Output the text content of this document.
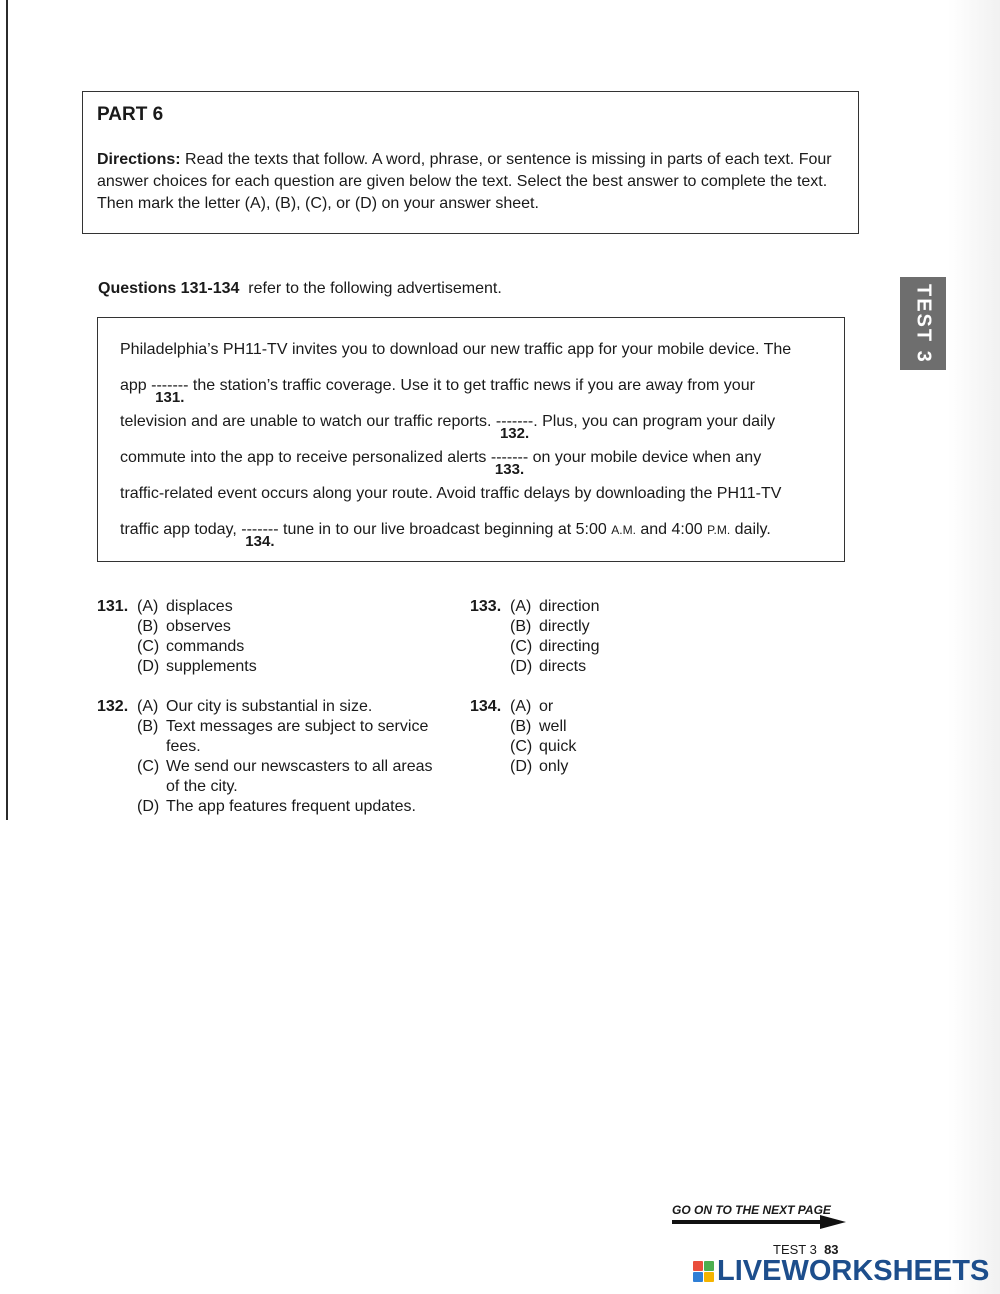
PART 6
Directions: Read the texts that follow. A word, phrase, or sentence is missing in parts of each text. Four answer choices for each question are given below the text. Select the best answer to complete the text. Then mark the letter (A), (B), (C), or (D) on your answer sheet.
Questions 131-134 refer to the following advertisement.	TEST 3
Philadelphia’s PH11-TV invites you to download our new traffic app for your mobile device. The
app -------
131.
the station’s traffic coverage. Use it to get traffic news if you are away from your
television and are unable to watch our traffic reports. -------
132.
. Plus, you can program your daily
commute into the app to receive personalized alerts -------
133.
on your mobile device when any
traffic-related event occurs along your route. Avoid traffic delays by downloading the PH11-TV
traffic app today, -------
134.
tune in to our live broadcast beginning at 5:00 A.M. and 4:00 P.M. daily.
131. (A) displaces
(B) observes
(C) commands
(D) supplements
132. (A) Our city is substantial in size.
(B) Text messages are subject to service fees.
(C) We send our newscasters to all areas of the city.
(D) The app features frequent updates.
133. (A) direction
(B) directly
(C) directing
(D) directs
134. (A) or
(B) well
(C) quick
(D) only
GO ON TO THE NEXT PAGE
TEST 3 83
LIVEWORKSHEETS
